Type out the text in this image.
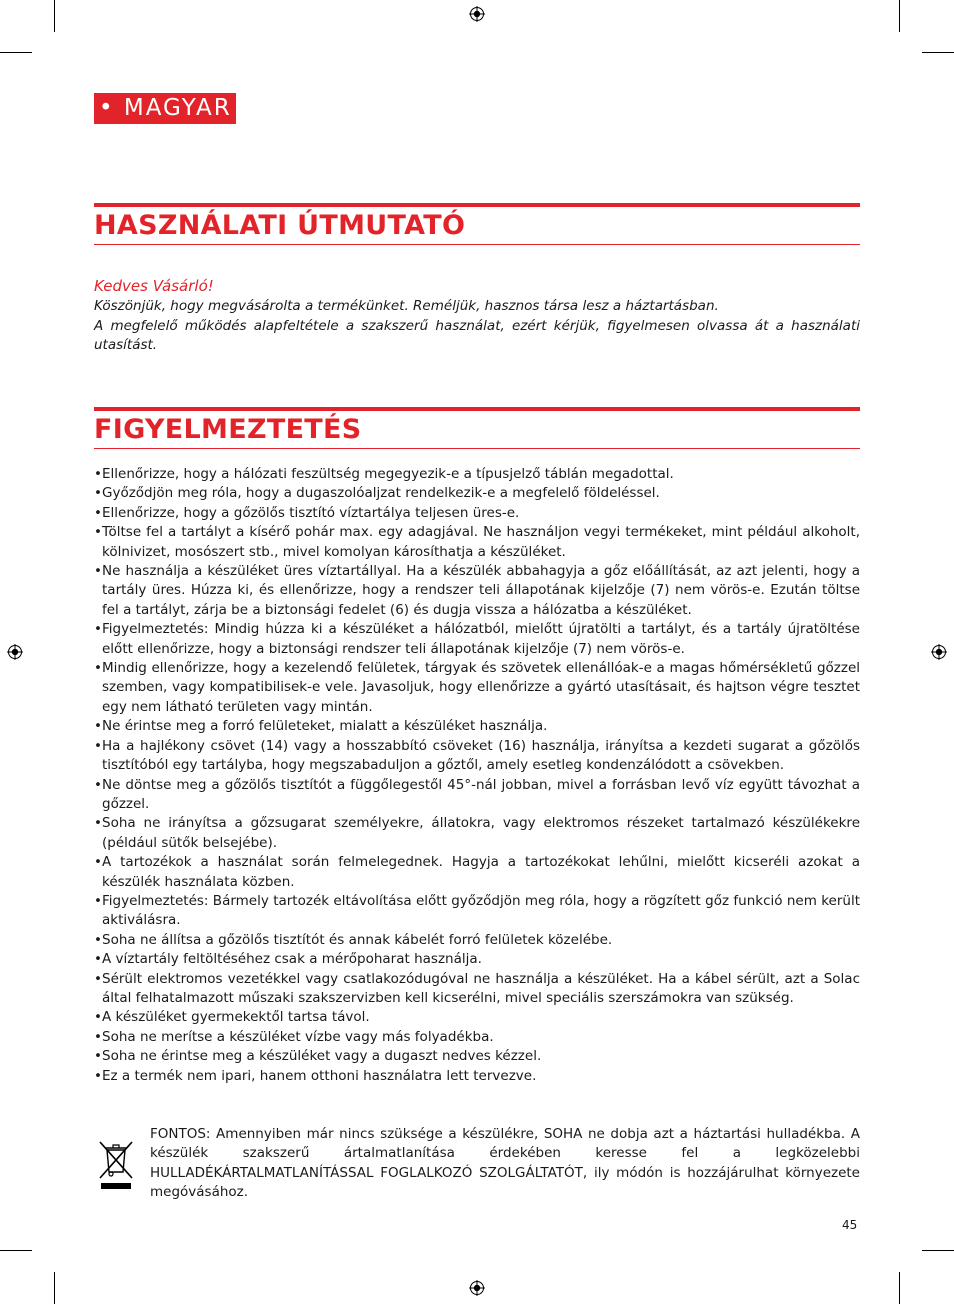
• MAGYAR
HASZNÁLATI ÚTMUTATÓ
Kedves Vásárló!
Köszönjük, hogy megvásárolta a termékünket. Reméljük, hasznos társa lesz a háztartásban.
A megfelelő működés alapfeltétele a szakszerű használat, ezért kérjük, figyelmesen olvassa át a használati utasítást.
FIGYELMEZTETÉS
• Ellenőrizze, hogy a hálózati feszültség megegyezik-e a típusjelző táblán megadottal.
• Győződjön meg róla, hogy a dugaszolóaljzat rendelkezik-e a megfelelő földeléssel.
• Ellenőrizze, hogy a gőzölős tisztító víztartálya teljesen üres-e.
• Töltse fel a tartályt a kísérő pohár max. egy adagjával. Ne használjon vegyi termékeket, mint például alkoholt, kölnivizet, mosószert stb., mivel komolyan károsíthatja a készüléket.
• Ne használja a készüléket üres víztartállyal. Ha a készülék abbahagyja a gőz előállítását, az azt jelenti, hogy a tartály üres. Húzza ki, és ellenőrizze, hogy a rendszer teli állapotának kijelzője (7) nem vörös-e. Ezután töltse fel a tartályt, zárja be a biztonsági fedelet (6) és dugja vissza a hálózatba a készüléket.
• Figyelmeztetés: Mindig húzza ki a készüléket a hálózatból, mielőtt újratölti a tartályt, és a tartály újratöltése előtt ellenőrizze, hogy a biztonsági rendszer teli állapotának kijelzője (7) nem vörös-e.
• Mindig ellenőrizze, hogy a kezelendő felületek, tárgyak és szövetek ellenállóak-e a magas hőmérsékletű gőzzel szemben, vagy kompatibilisek-e vele. Javasoljuk, hogy ellenőrizze a gyártó utasításait, és hajtson végre tesztet egy nem látható területen vagy mintán.
• Ne érintse meg a forró felületeket, mialatt a készüléket használja.
• Ha a hajlékony csövet (14) vagy a hosszabbító csöveket (16) használja, irányítsa a kezdeti sugarat a gőzölős tisztítóból egy tartályba, hogy megszabaduljon a gőztől, amely esetleg kondenzálódott a csövekben.
• Ne döntse meg a gőzölős tisztítót a függőlegestől 45°-nál jobban, mivel a forrásban levő víz együtt távozhat a gőzzel.
• Soha ne irányítsa a gőzsugarat személyekre, állatokra, vagy elektromos részeket tartalmazó készülékekre (például sütők belsejébe).
• A tartozékok a használat során felmelegednek. Hagyja a tartozékokat lehűlni, mielőtt kicseréli azokat a készülék használata közben.
• Figyelmeztetés: Bármely tartozék eltávolítása előtt győződjön meg róla, hogy a rögzített gőz funkció nem került aktiválásra.
• Soha ne állítsa a gőzölős tisztítót és annak kábelét forró felületek közelébe.
• A víztartály feltöltéséhez csak a mérőpoharat használja.
• Sérült elektromos vezetékkel vagy csatlakozódugóval ne használja a készüléket. Ha a kábel sérült, azt a Solac által felhatalmazott műszaki szakszervizben kell kicserélni, mivel speciális szerszámokra van szükség.
• A készüléket gyermekektől tartsa távol.
• Soha ne merítse a készüléket vízbe vagy más folyadékba.
• Soha ne érintse meg a készüléket vagy a dugaszt nedves kézzel.
• Ez a termék nem ipari, hanem otthoni használatra lett tervezve.
FONTOS: Amennyiben már nincs szüksége a készülékre, SOHA ne dobja azt a háztartási hulladékba. A készülék szakszerű ártalmatlanítása érdekében keresse fel a legközelebbi HULLADÉKÁRTALMATLANÍTÁSSAL FOGLALKOZÓ SZOLGÁLTATÓT, ily módón is hozzájárulhat környezete megóvásához.
45
